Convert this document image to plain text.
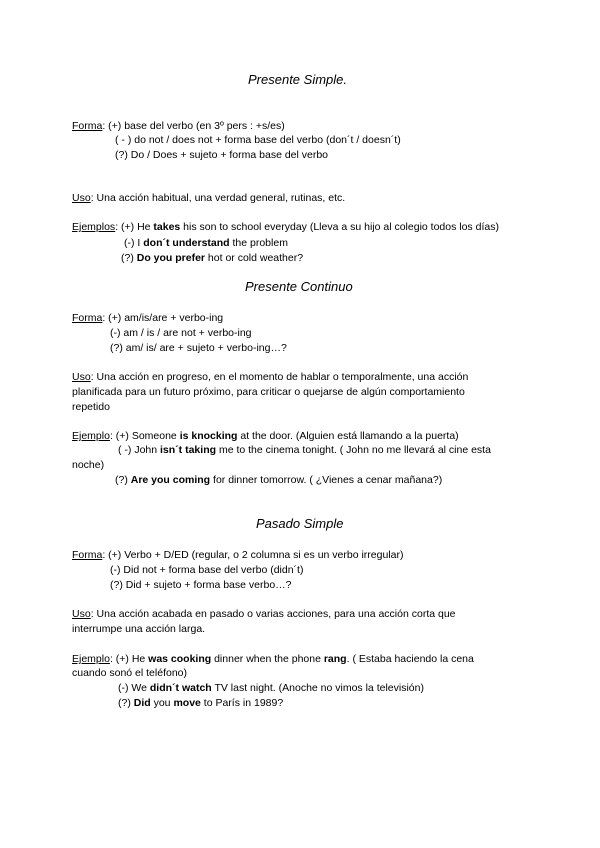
Presente Simple.
Forma: (+) base del verbo (en 3º pers : +s/es)
( - ) do not / does not + forma base del verbo (don´t / doesn´t)
(?) Do / Does + sujeto + forma base del verbo
Uso: Una acción habitual, una verdad general, rutinas, etc.
Ejemplos: (+) He takes his son to school everyday (Lleva a su hijo al colegio todos los días)
(-) I don´t understand the problem
(?) Do you prefer hot or cold weather?
Presente Continuo
Forma: (+) am/is/are + verbo-ing
(-) am / is / are not + verbo-ing
(?) am/ is/ are + sujeto + verbo-ing…?
Uso: Una acción en progreso, en el momento de hablar o temporalmente, una acción
planificada para un futuro próximo, para criticar o quejarse de algún comportamiento
repetido
Ejemplo: (+) Someone is knocking at the door. (Alguien está llamando a la puerta)
( -) John isn´t taking me to the cinema tonight. ( John no me llevará al cine esta
noche)
(?) Are you coming for dinner tomorrow. ( ¿Vienes a cenar mañana?)
Pasado Simple
Forma: (+) Verbo + D/ED (regular, o 2 columna si es un verbo irregular)
(-) Did not + forma base del verbo (didn´t)
(?) Did + sujeto + forma base verbo…?
Uso: Una acción acabada en pasado o varias acciones, para una acción corta que
interrumpe una acción larga.
Ejemplo: (+) He was cooking dinner when the phone rang. ( Estaba haciendo la cena
cuando sonó el teléfono)
(-) We didn´t watch TV last night. (Anoche no vimos la televisión)
(?) Did you move to París in 1989?
